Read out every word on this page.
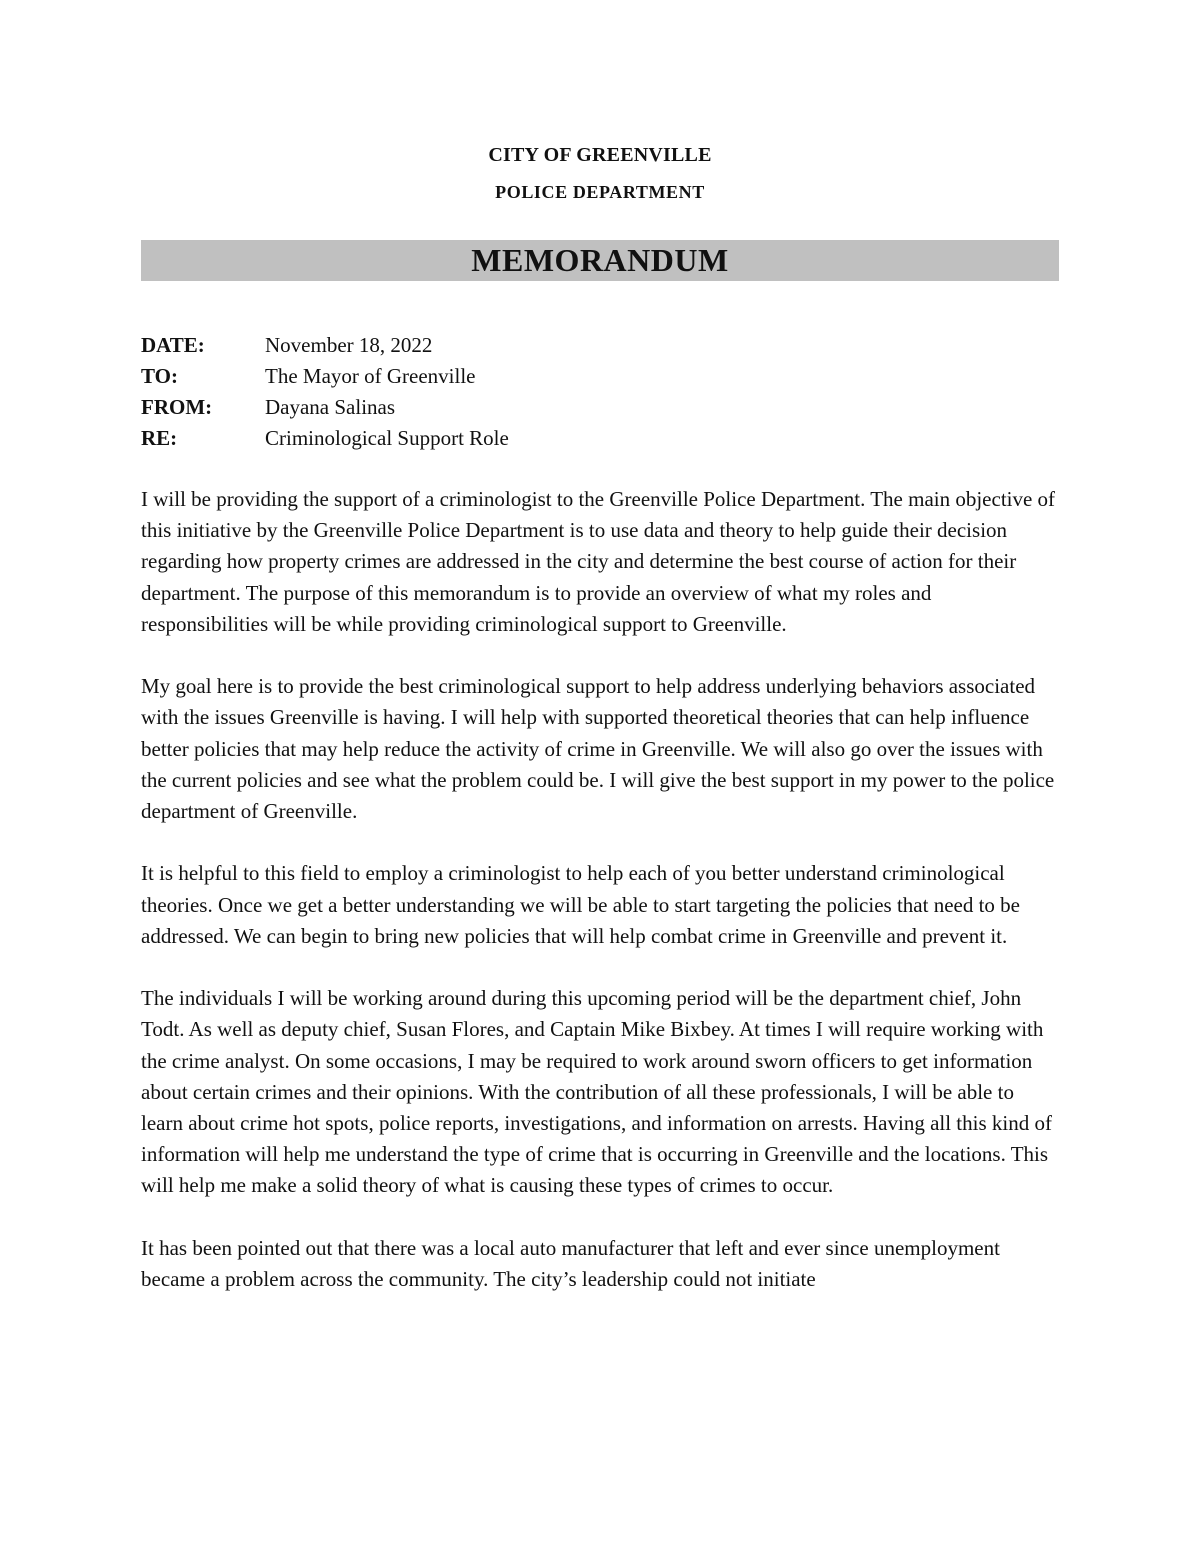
CITY OF GREENVILLE
POLICE DEPARTMENT
MEMORANDUM
DATE:	November 18, 2022
TO:	The Mayor of Greenville
FROM:	Dayana Salinas
RE:	Criminological Support Role

I will be providing the support of a criminologist to the Greenville Police Department. The main objective of this initiative by the Greenville Police Department is to use data and theory to help guide their decision regarding how property crimes are addressed in the city and determine the best course of action for their department. The purpose of this memorandum is to provide an overview of what my roles and responsibilities will be while providing criminological support to Greenville.

My goal here is to provide the best criminological support to help address underlying behaviors associated with the issues Greenville is having. I will help with supported theoretical theories that can help influence better policies that may help reduce the activity of crime in Greenville. We will also go over the issues with the current policies and see what the problem could be. I will give the best support in my power to the police department of Greenville.

It is helpful to this field to employ a criminologist to help each of you better understand criminological theories. Once we get a better understanding we will be able to start targeting the policies that need to be addressed. We can begin to bring new policies that will help combat crime in Greenville and prevent it.

The individuals I will be working around during this upcoming period will be the department chief, John Todt. As well as deputy chief, Susan Flores, and Captain Mike Bixbey. At times I will require working with the crime analyst. On some occasions, I may be required to work around sworn officers to get information about certain crimes and their opinions. With the contribution of all these professionals, I will be able to learn about crime hot spots, police reports, investigations, and information on arrests. Having all this kind of information will help me understand the type of crime that is occurring in Greenville and the locations. This will help me make a solid theory of what is causing these types of crimes to occur.

It has been pointed out that there was a local auto manufacturer that left and ever since unemployment became a problem across the community. The city’s leadership could not initiate
